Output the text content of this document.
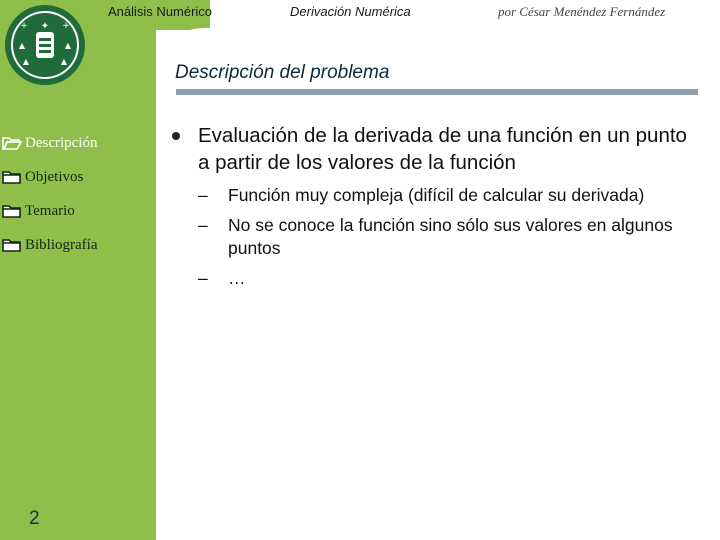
✦
+	+
▲	▲
▲	▲
Análisis Numérico	Derivación Numérica	por César Menéndez Fernández
Descripción del problema
Descripción
Objetivos
Temario
Bibliografía
2
Evaluación de la derivada de una función en un punto a partir de los valores de la función
– Función muy compleja (difícil de calcular su derivada)
– No se conoce la función sino sólo sus valores en algunos puntos
– …
